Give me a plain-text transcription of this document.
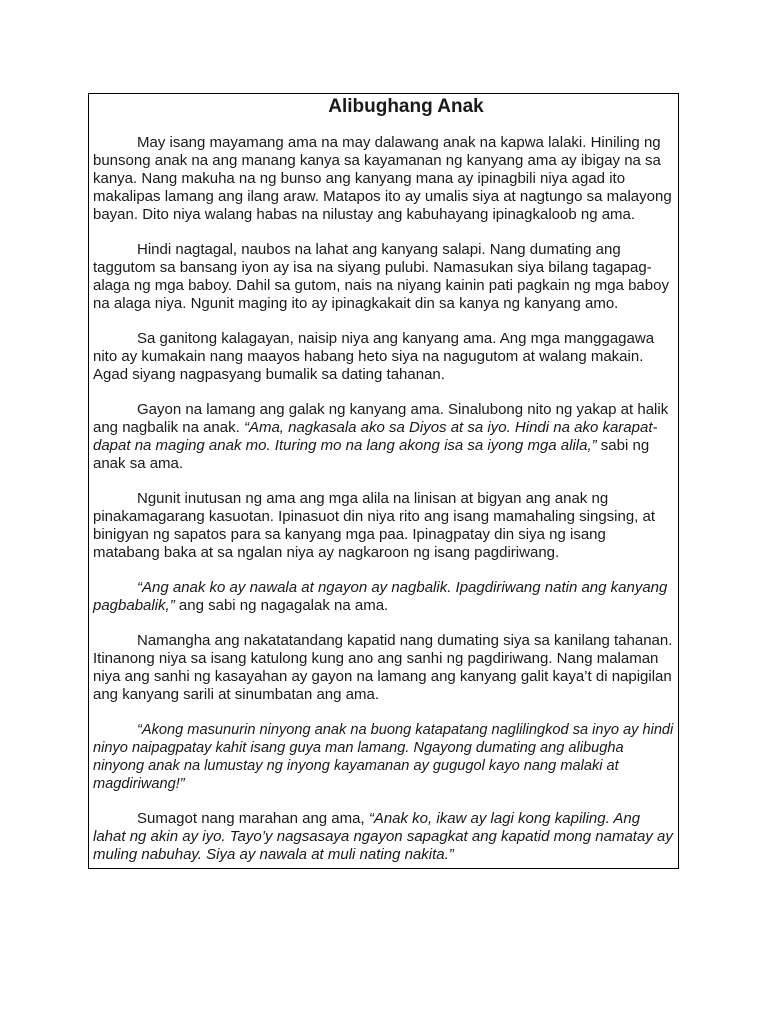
Alibughang Anak

May isang mayamang ama na may dalawang anak na kapwa lalaki. Hiniling ng bunsong anak na ang manang kanya sa kayamanan ng kanyang ama ay ibigay na sa kanya. Nang makuha na ng bunso ang kanyang mana ay ipinagbili niya agad ito makalipas lamang ang ilang araw. Matapos ito ay umalis siya at nagtungo sa malayong bayan. Dito niya walang habas na nilustay ang kabuhayang ipinagkaloob ng ama.

Hindi nagtagal, naubos na lahat ang kanyang salapi. Nang dumating ang taggutom sa bansang iyon ay isa na siyang pulubi. Namasukan siya bilang tagapag-alaga ng mga baboy. Dahil sa gutom, nais na niyang kainin pati pagkain ng mga baboy na alaga niya. Ngunit maging ito ay ipinagkakait din sa kanya ng kanyang amo.

Sa ganitong kalagayan, naisip niya ang kanyang ama. Ang mga manggagawa nito ay kumakain nang maayos habang heto siya na nagugutom at walang makain. Agad siyang nagpasyang bumalik sa dating tahanan.

Gayon na lamang ang galak ng kanyang ama. Sinalubong nito ng yakap at halik ang nagbalik na anak. “Ama, nagkasala ako sa Diyos at sa iyo. Hindi na ako karapat-dapat na maging anak mo. Ituring mo na lang akong isa sa iyong mga alila,” sabi ng anak sa ama.

Ngunit inutusan ng ama ang mga alila na linisan at bigyan ang anak ng pinakamagarang kasuotan. Ipinasuot din niya rito ang isang mamahaling singsing, at binigyan ng sapatos para sa kanyang mga paa. Ipinagpatay din siya ng isang matabang baka at sa ngalan niya ay nagkaroon ng isang pagdiriwang.

“Ang anak ko ay nawala at ngayon ay nagbalik. Ipagdiriwang natin ang kanyang pagbabalik,” ang sabi ng nagagalak na ama.

Namangha ang nakatatandang kapatid nang dumating siya sa kanilang tahanan. Itinanong niya sa isang katulong kung ano ang sanhi ng pagdiriwang. Nang malaman niya ang sanhi ng kasayahan ay gayon na lamang ang kanyang galit kaya’t di napigilan ang kanyang sarili at sinumbatan ang ama.

“Akong masunurin ninyong anak na buong katapatang naglilingkod sa inyo ay hindi ninyo naipagpatay kahit isang guya man lamang. Ngayong dumating ang alibugha ninyong anak na lumustay ng inyong kayamanan ay gugugol kayo nang malaki at magdiriwang!”

Sumagot nang marahan ang ama, “Anak ko, ikaw ay lagi kong kapiling. Ang lahat ng akin ay iyo. Tayo’y nagsasaya ngayon sapagkat ang kapatid mong namatay ay muling nabuhay. Siya ay nawala at muli nating nakita.”
